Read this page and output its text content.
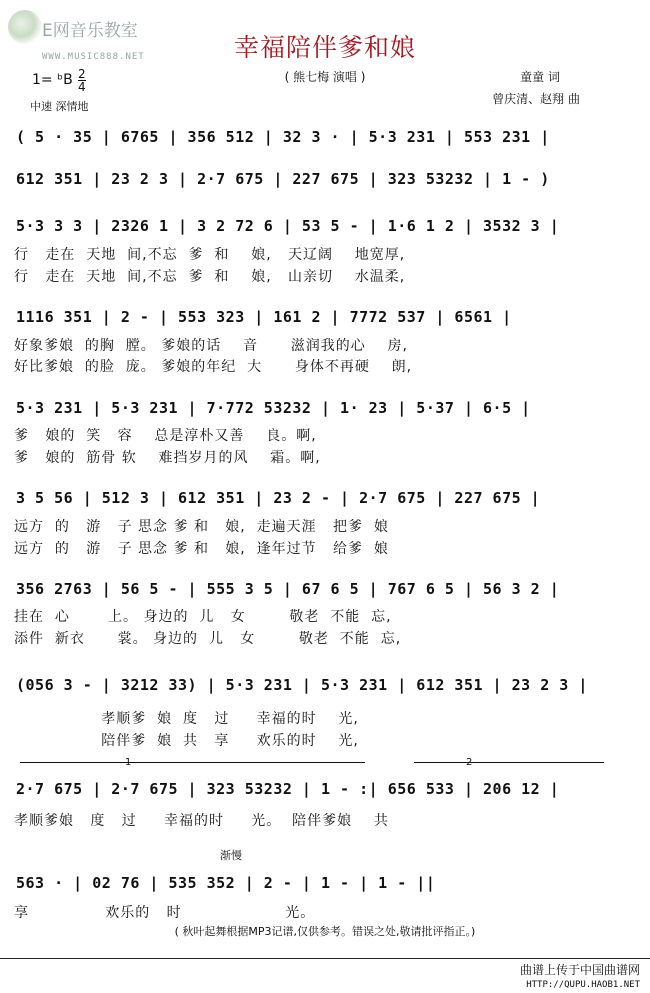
E网音乐教室
WWW.MUSIC888.NET	幸福陪伴爹和娘
( 熊七梅 演唱 )	童童 词
曾庆清、赵翔 曲
1= ᵇB $\frac{2}{4}$
中速 深情地
( 5 · 35 | 6765 | 356 512 | 32 3 · | 5·3 231 | 553 231 |
612 351 | 23 2 3 | 2·7 675 | 227 675 | 323 53232 | 1 - )
5·3 3 3 | 2326 1 | 3 2 72 6 | 53 5 - | 1·6 1 2 | 3532 3 |
行   走在  天地  间,不忘  爹  和    娘,   天辽阔    地宽厚,
行   走在  天地  间,不忘  爹  和    娘,   山亲切    水温柔,
1116 351 | 2 - | 553 323 | 161 2 | 7772 537 | 6561 |
好象爹娘  的胸  膛。 爹娘的话    音      滋润我的心    房,
好比爹娘  的脸  庞。 爹娘的年纪  大      身体不再硬    朗,
5·3 231 | 5·3 231 | 7·772 53232 | 1· 23 | 5·37 | 6·5 |
爹   娘的  笑   容    总是淳朴又善    良。啊,
爹   娘的  筋骨 软    难挡岁月的风    霜。啊,
3 5 56 | 512 3 | 612 351 | 23 2 - | 2·7 675 | 227 675 |
远方  的   游   子 思念 爹 和   娘,  走遍天涯   把爹  娘
远方  的   游   子 思念 爹 和   娘,  逢年过节   给爹  娘
356 2763 | 56 5 - | 555 3 5 | 67 6 5 | 767 6 5 | 56 3 2 |
挂在  心       上。 身边的  儿   女        敬老  不能  忘,
添件  新衣      裳。 身边的  儿   女        敬老  不能  忘,
(056 3 - | 3212 33) | 5·3 231 | 5·3 231 | 612 351 | 23 2 3 |
孝顺爹  娘  度   过     幸福的时    光,
陪伴爹  娘  共   享     欢乐的时    光,
1	2
2·7 675 | 2·7 675 | 323 53232 | 1 - :| 656 533 | 206 12 |
孝顺爹娘   度   过     幸福的时     光。  陪伴爹娘    共
渐慢
563 · | 02 76 | 535 352 | 2 - | 1 - | 1 - ||
享              欢乐的   时                   光。
( 秋叶起舞根据MP3记谱,仅供参考。错误之处,敬请批评指正。)
曲谱上传于中国曲谱网
HTTP://QUPU.HAOB1.NET
